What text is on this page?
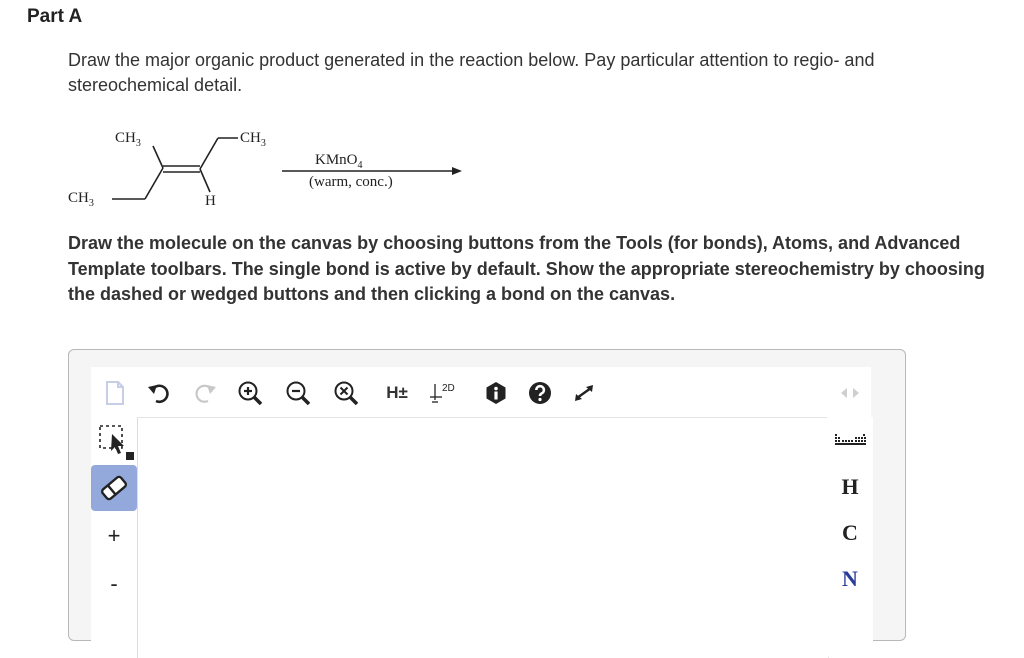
Part A
Draw the major organic product generated in the reaction below. Pay particular attention to regio- and stereochemical detail.
$CH_3$	$CH_3$
$CH_3$	H
KMnO$_4$
(warm, conc.)
Draw the molecule on the canvas by choosing buttons from the Tools (for bonds), Atoms, and Advanced Template toolbars. The single bond is active by default. Show the appropriate stereochemistry by choosing the dashed or wedged buttons and then clicking a bond on the canvas.
H±	2D
+
-
H
C
N
